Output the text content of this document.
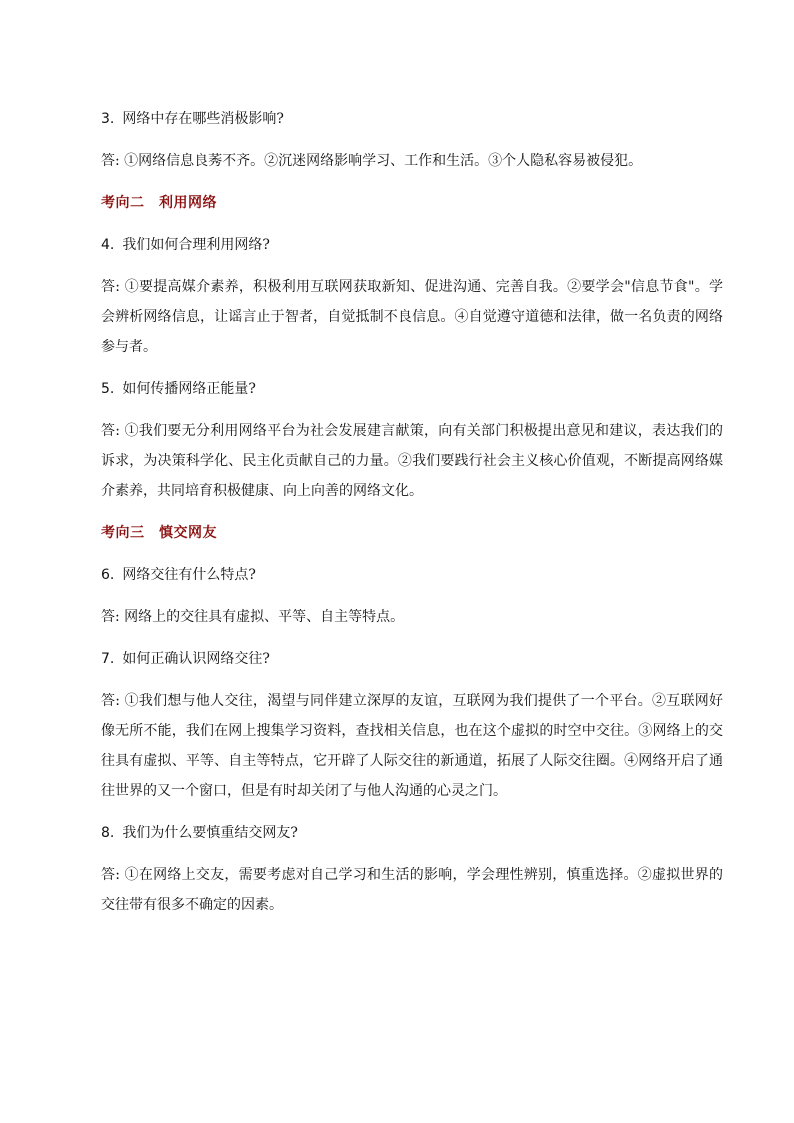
3. 网络中存在哪些消极影响?
答: ①网络信息良莠不齐。②沉迷网络影响学习、工作和生活。③个人隐私容易被侵犯。
考向二　利用网络
4. 我们如何合理利用网络?
答: ①要提高媒介素养，积极利用互联网获取新知、促进沟通、完善自我。②要学会"信息节食"。学会辨析网络信息，让谣言止于智者，自觉抵制不良信息。④自觉遵守道德和法律，做一名负责的网络参与者。
5. 如何传播网络正能量?
答: ①我们要无分利用网络平台为社会发展建言献策，向有关部门积极提出意见和建议，表达我们的诉求，为决策科学化、民主化贡献自己的力量。②我们要践行社会主义核心价值观，不断提高网络媒介素养，共同培育积极健康、向上向善的网络文化。
考向三　慎交网友
6. 网络交往有什么特点?
答: 网络上的交往具有虚拟、平等、自主等特点。
7. 如何正确认识网络交往?
答: ①我们想与他人交往，渴望与同伴建立深厚的友谊，互联网为我们提供了一个平台。②互联网好像无所不能，我们在网上搜集学习资料，查找相关信息，也在这个虚拟的时空中交往。③网络上的交往具有虚拟、平等、自主等特点，它开辟了人际交往的新通道，拓展了人际交往圈。④网络开启了通往世界的又一个窗口，但是有时却关闭了与他人沟通的心灵之门。
8. 我们为什么要慎重结交网友?
答: ①在网络上交友，需要考虑对自己学习和生活的影响，学会理性辨别，慎重选择。②虚拟世界的交往带有很多不确定的因素。
